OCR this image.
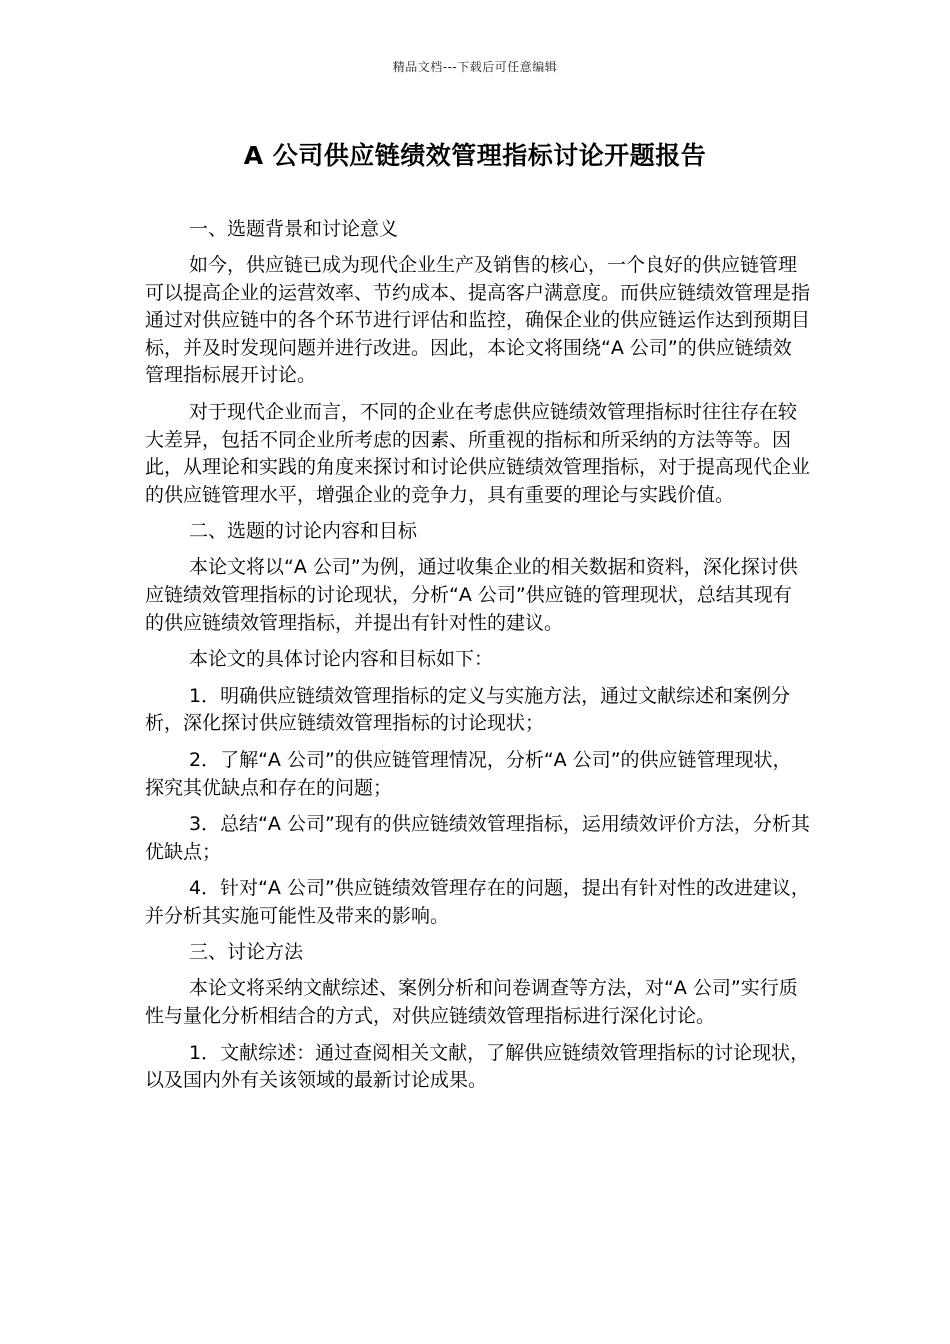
精品文档---下载后可任意编辑
A 公司供应链绩效管理指标讨论开题报告

一、选题背景和讨论意义

如今，供应链已成为现代企业生产及销售的核心，一个良好的供应链管理可以提高企业的运营效率、节约成本、提高客户满意度。而供应链绩效管理是指通过对供应链中的各个环节进行评估和监控，确保企业的供应链运作达到预期目标，并及时发现问题并进行改进。因此，本论文将围绕“A 公司”的供应链绩效管理指标展开讨论。

对于现代企业而言，不同的企业在考虑供应链绩效管理指标时往往存在较大差异，包括不同企业所考虑的因素、所重视的指标和所采纳的方法等等。因此，从理论和实践的角度来探讨和讨论供应链绩效管理指标，对于提高现代企业的供应链管理水平，增强企业的竞争力，具有重要的理论与实践价值。

二、选题的讨论内容和目标

本论文将以“A 公司”为例，通过收集企业的相关数据和资料，深化探讨供应链绩效管理指标的讨论现状，分析“A 公司”供应链的管理现状，总结其现有的供应链绩效管理指标，并提出有针对性的建议。

本论文的具体讨论内容和目标如下：

1．明确供应链绩效管理指标的定义与实施方法，通过文献综述和案例分析，深化探讨供应链绩效管理指标的讨论现状；

2．了解“A 公司”的供应链管理情况，分析“A 公司”的供应链管理现状，探究其优缺点和存在的问题；

3．总结“A 公司”现有的供应链绩效管理指标，运用绩效评价方法，分析其优缺点；

4．针对“A 公司”供应链绩效管理存在的问题，提出有针对性的改进建议，并分析其实施可能性及带来的影响。

三、讨论方法

本论文将采纳文献综述、案例分析和问卷调查等方法，对“A 公司”实行质性与量化分析相结合的方式，对供应链绩效管理指标进行深化讨论。

1．文献综述：通过查阅相关文献，了解供应链绩效管理指标的讨论现状，以及国内外有关该领域的最新讨论成果。
